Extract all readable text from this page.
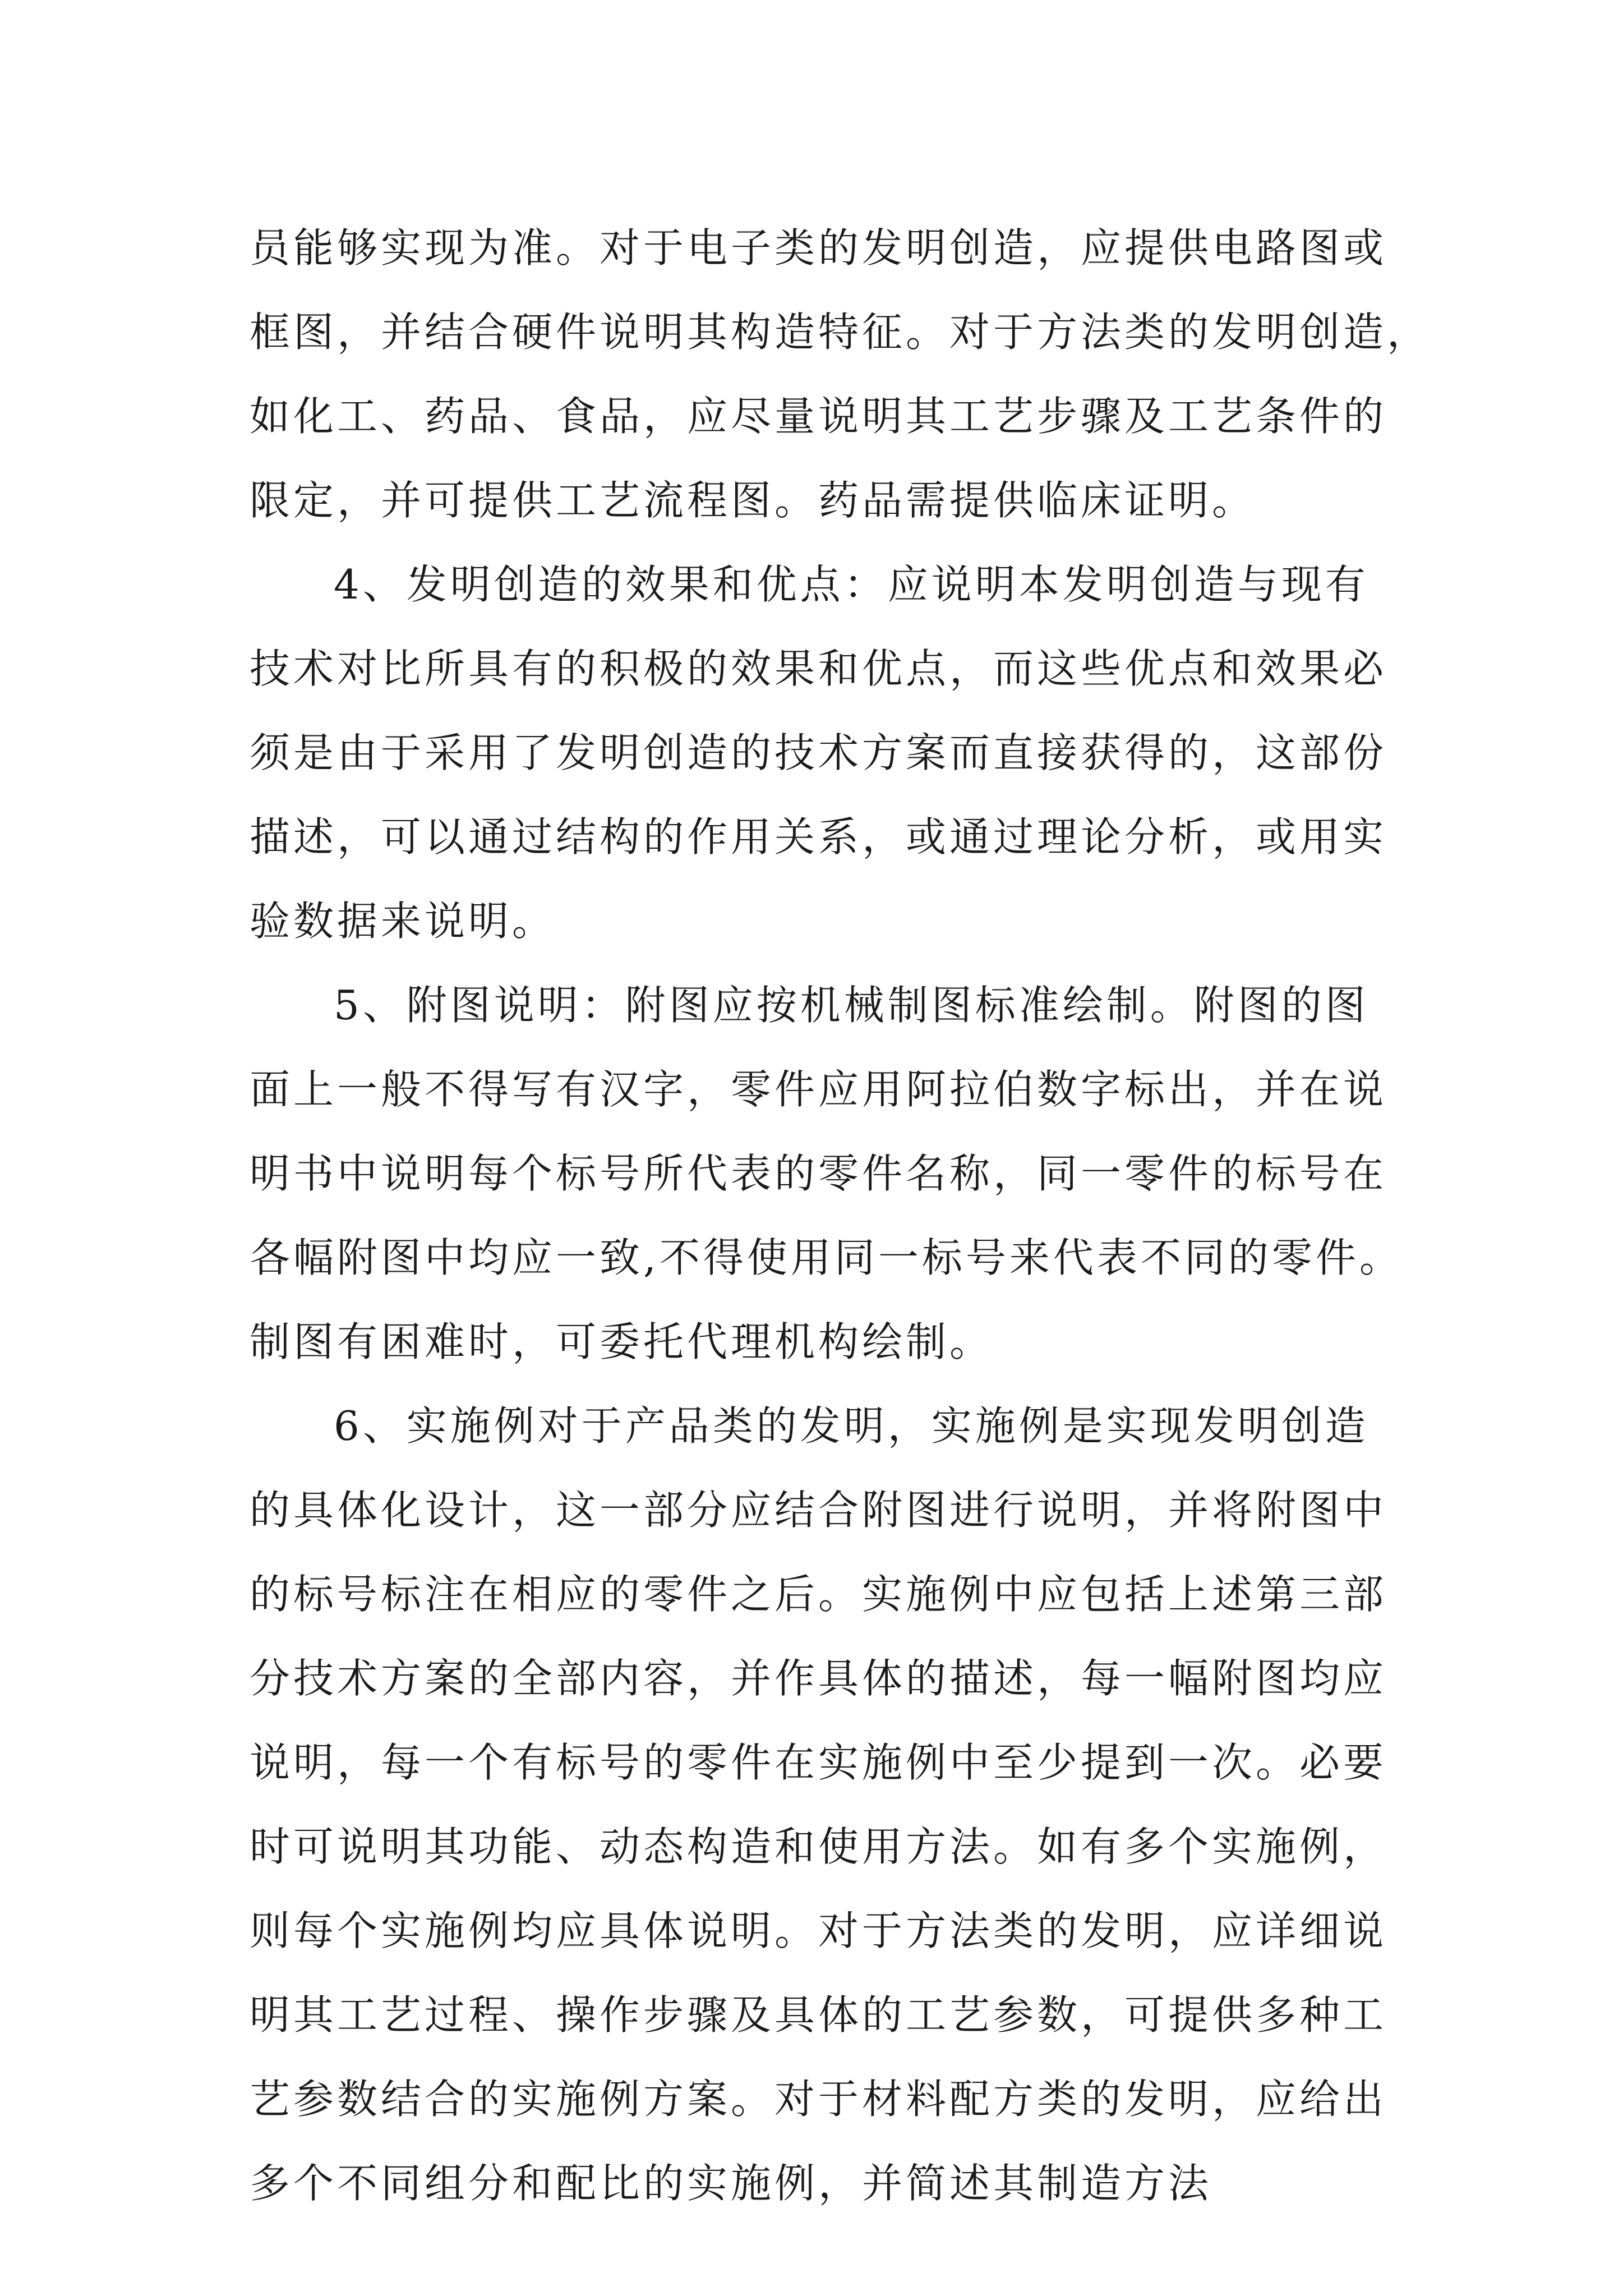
员能够实现为准。对于电子类的发明创造，应提供电路图或
框图，并结合硬件说明其构造特征。对于方法类的发明创造，
如化工、药品、食品，应尽量说明其工艺步骤及工艺条件的
限定，并可提供工艺流程图。药品需提供临床证明。
4、发明创造的效果和优点：应说明本发明创造与现有
技术对比所具有的积极的效果和优点，而这些优点和效果必
须是由于采用了发明创造的技术方案而直接获得的，这部份
描述，可以通过结构的作用关系，或通过理论分析，或用实
验数据来说明。
5、附图说明：附图应按机械制图标准绘制。附图的图
面上一般不得写有汉字，零件应用阿拉伯数字标出，并在说
明书中说明每个标号所代表的零件名称，同一零件的标号在
各幅附图中均应一致,不得使用同一标号来代表不同的零件。
制图有困难时，可委托代理机构绘制。
6、实施例对于产品类的发明，实施例是实现发明创造
的具体化设计，这一部分应结合附图进行说明，并将附图中
的标号标注在相应的零件之后。实施例中应包括上述第三部
分技术方案的全部内容，并作具体的描述，每一幅附图均应
说明，每一个有标号的零件在实施例中至少提到一次。必要
时可说明其功能、动态构造和使用方法。如有多个实施例，
则每个实施例均应具体说明。对于方法类的发明，应详细说
明其工艺过程、操作步骤及具体的工艺参数，可提供多种工
艺参数结合的实施例方案。对于材料配方类的发明，应给出
多个不同组分和配比的实施例，并简述其制造方法
